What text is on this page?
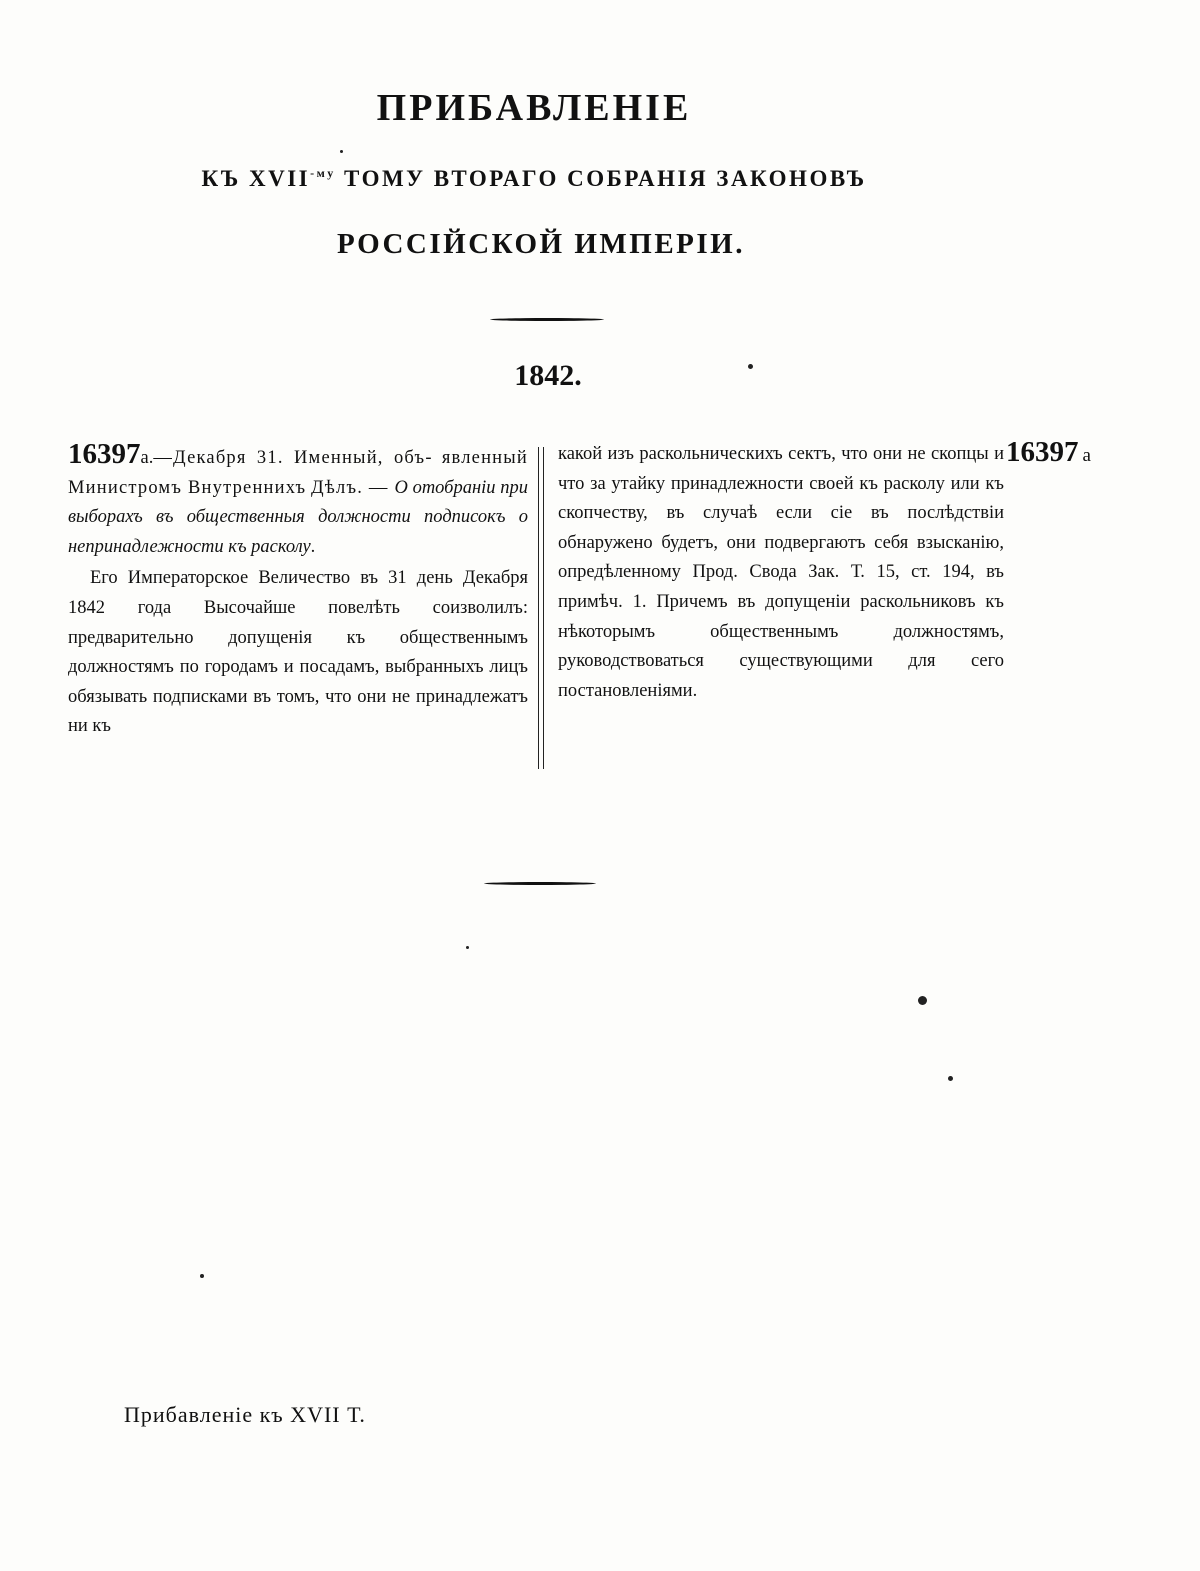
ПРИБАВЛЕНІЕ
КЪ $XVII^{-му}$ ТОМУ ВТОРАГО СОБРАНІЯ ЗАКОНОВЪ
РОССІЙСКОЙ ИМПЕРІИ.
1842.

16397а.—Декабря 31. Именный, объ- явленный Министромъ Внутреннихъ Дѣлъ. — О отобраніи при выборахъ въ общественныя должности подписокъ о непринадлежности къ расколу.

Его Императорское Величество въ 31 день Декабря 1842 года Высочайше повелѣть соизволилъ: предварительно допущенія къ общественнымъ должностямъ по городамъ и посадамъ, выбранныхъ лицъ обязывать подписками въ томъ, что они не принадлежатъ ни къ

какой изъ раскольническихъ сектъ, что они не скопцы и что за утайку принадлежности своей къ расколу или къ скопчеству, въ случаѣ если сіе въ послѣдствіи обнаружено будетъ, они подвергаютъ себя взысканію, опредѣленному Прод. Свода Зак. Т. 15, ст. 194, въ примѣч. 1. Причемъ въ допущеніи раскольниковъ къ нѣкоторымъ общественнымъ должностямъ, руководствоваться существующими для сего постановленіями.

16397 а
Прибавленіе къ XVII Т.
